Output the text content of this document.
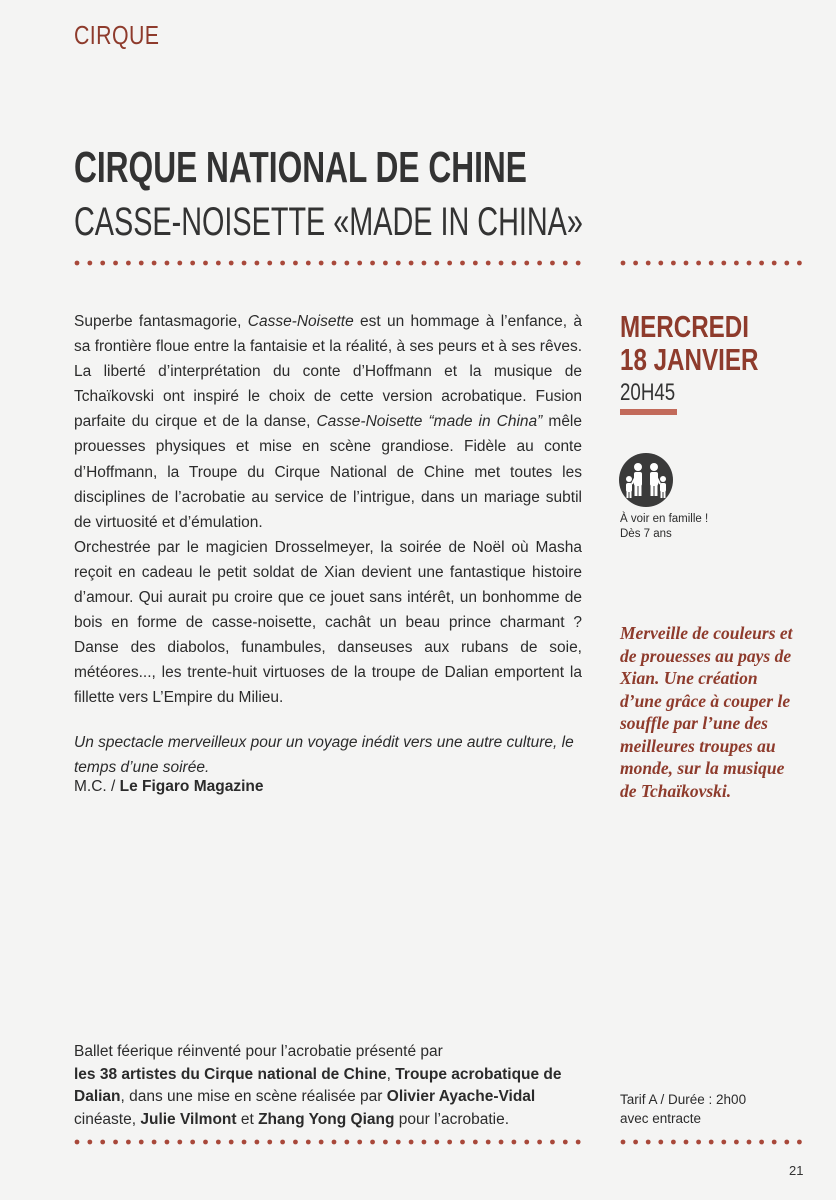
CIRQUE
CIRQUE NATIONAL DE CHINE
CASSE-NOISETTE «MADE IN CHINA»

Superbe fantasmagorie, Casse-Noisette est un hommage à l’enfance, à sa frontière floue entre la fantaisie et la réalité, à ses peurs et à ses rêves. La liberté d’interprétation du conte d’Hoffmann et la musique de Tchaïkovski ont inspiré le choix de cette version acrobatique. Fusion parfaite du cirque et de la danse, Casse-Noisette “made in China” mêle prouesses physiques et mise en scène grandiose. Fidèle au conte d’Hoffmann, la Troupe du Cirque National de Chine met toutes les disciplines de l’acrobatie au service de l’intrigue, dans un mariage subtil de virtuosité et d’émulation.

Orchestrée par le magicien Drosselmeyer, la soirée de Noël où Masha reçoit en cadeau le petit soldat de Xian devient une fantastique histoire d’amour. Qui aurait pu croire que ce jouet sans intérêt, un bonhomme de bois en forme de casse-noisette, cachât un beau prince charmant ? Danse des diabolos, funambules, danseuses aux rubans de soie, météores..., les trente-huit virtuoses de la troupe de Dalian emportent la fillette vers L’Empire du Milieu.

Un spectacle merveilleux pour un voyage inédit vers une autre culture, le temps d’une soirée.
M.C. / Le Figaro Magazine
MERCREDI
18 JANVIER
20H45
À voir en famille !
Dès 7 ans
Merveille de couleurs et de prouesses au pays de Xian. Une création d’une grâce à couper le souffle par l’une des meilleures troupes au monde, sur la musique de Tchaïkovski.
Ballet féerique réinventé pour l’acrobatie présenté par
les 38 artistes du Cirque national de Chine, Troupe acrobatique de Dalian, dans une mise en scène réalisée par Olivier Ayache-Vidal cinéaste, Julie Vilmont et Zhang Yong Qiang pour l’acrobatie.
Tarif A / Durée : 2h00
avec entracte
21
